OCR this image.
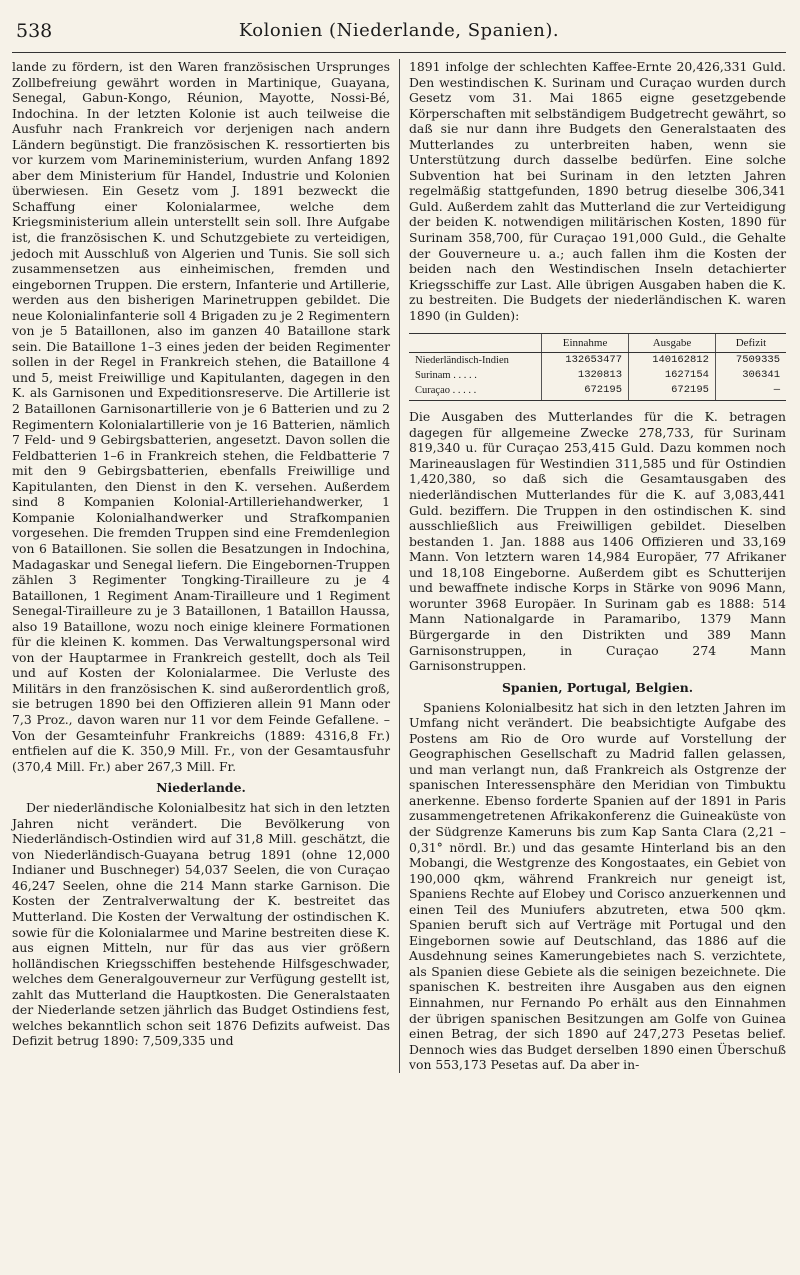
538	Kolonien (Niederlande, Spanien).

lande zu fördern, ist den Waren französischen Ursprunges Zollbefreiung gewährt worden in Martinique, Guayana, Senegal, Gabun-Kongo, Réunion, Mayotte, Nossi-Bé, Indochina. In der letzten Kolonie ist auch teilweise die Ausfuhr nach Frankreich vor derjenigen nach andern Ländern begünstigt. Die französischen K. ressortierten bis vor kurzem vom Marineministerium, wurden Anfang 1892 aber dem Ministerium für Handel, Industrie und Kolonien überwiesen. Ein Gesetz vom J. 1891 bezweckt die Schaffung einer Kolonialarmee, welche dem Kriegsministerium allein unterstellt sein soll. Ihre Aufgabe ist, die französischen K. und Schutzgebiete zu verteidigen, jedoch mit Ausschluß von Algerien und Tunis. Sie soll sich zusammensetzen aus einheimischen, fremden und eingebornen Truppen. Die erstern, Infanterie und Artillerie, werden aus den bisherigen Marinetruppen gebildet. Die neue Kolonialinfanterie soll 4 Brigaden zu je 2 Regimentern von je 5 Bataillonen, also im ganzen 40 Bataillone stark sein. Die Bataillone 1–3 eines jeden der beiden Regimenter sollen in der Regel in Frankreich stehen, die Bataillone 4 und 5, meist Freiwillige und Kapitulanten, dagegen in den K. als Garnisonen und Expeditionsreserve. Die Artillerie ist 2 Bataillonen Garnisonartillerie von je 6 Batterien und zu 2 Regimentern Kolonialartillerie von je 16 Batterien, nämlich 7 Feld- und 9 Gebirgsbatterien, angesetzt. Davon sollen die Feldbatterien 1–6 in Frankreich stehen, die Feldbatterie 7 mit den 9 Gebirgsbatterien, ebenfalls Freiwillige und Kapitulanten, den Dienst in den K. versehen. Außerdem sind 8 Kompanien Kolonial-Artilleriehandwerker, 1 Kompanie Kolonialhandwerker und Strafkompanien vorgesehen. Die fremden Truppen sind eine Fremdenlegion von 6 Bataillonen. Sie sollen die Besatzungen in Indochina, Madagaskar und Senegal liefern. Die Eingebornen-Truppen zählen 3 Regimenter Tongking-Tirailleure zu je 4 Bataillonen, 1 Regiment Anam-Tirailleure und 1 Regiment Senegal-Tirailleure zu je 3 Bataillonen, 1 Bataillon Haussa, also 19 Bataillone, wozu noch einige kleinere Formationen für die kleinen K. kommen. Das Verwaltungspersonal wird von der Hauptarmee in Frankreich gestellt, doch als Teil und auf Kosten der Kolonialarmee. Die Verluste des Militärs in den französischen K. sind außerordentlich groß, sie betrugen 1890 bei den Offizieren allein 91 Mann oder 7,3 Proz., davon waren nur 11 vor dem Feinde Gefallene. – Von der Gesamteinfuhr Frankreichs (1889: 4316,8 Fr.) entfielen auf die K. 350,9 Mill. Fr., von der Gesamtausfuhr (370,4 Mill. Fr.) aber 267,3 Mill. Fr.

Niederlande.

Der niederländische Kolonialbesitz hat sich in den letzten Jahren nicht verändert. Die Bevölkerung von Niederländisch-Ostindien wird auf 31,8 Mill. geschätzt, die von Niederländisch-Guayana betrug 1891 (ohne 12,000 Indianer und Buschneger) 54,037 Seelen, die von Curaçao 46,247 Seelen, ohne die 214 Mann starke Garnison. Die Kosten der Zentralverwaltung der K. bestreitet das Mutterland. Die Kosten der Verwaltung der ostindischen K. sowie für die Kolonialarmee und Marine bestreiten diese K. aus eignen Mitteln, nur für das aus vier größern holländischen Kriegsschiffen bestehende Hilfsgeschwader, welches dem Generalgouverneur zur Verfügung gestellt ist, zahlt das Mutterland die Hauptkosten. Die Generalstaaten der Niederlande setzen jährlich das Budget Ostindiens fest, welches bekanntlich schon seit 1876 Defizits aufweist. Das Defizit betrug 1890: 7,509,335 und

1891 infolge der schlechten Kaffee-Ernte 20,426,331 Guld. Den westindischen K. Surinam und Curaçao wurden durch Gesetz vom 31. Mai 1865 eigne gesetzgebende Körperschaften mit selbständigem Budgetrecht gewährt, so daß sie nur dann ihre Budgets den Generalstaaten des Mutterlandes zu unterbreiten haben, wenn sie Unterstützung durch dasselbe bedürfen. Eine solche Subvention hat bei Surinam in den letzten Jahren regelmäßig stattgefunden, 1890 betrug dieselbe 306,341 Guld. Außerdem zahlt das Mutterland die zur Verteidigung der beiden K. notwendigen militärischen Kosten, 1890 für Surinam 358,700, für Curaçao 191,000 Guld., die Gehalte der Gouverneure u. a.; auch fallen ihm die Kosten der beiden nach den Westindischen Inseln detachierter Kriegsschiffe zur Last. Alle übrigen Ausgaben haben die K. zu bestreiten. Die Budgets der niederländischen K. waren 1890 (in Gulden):

	Einnahme	Ausgabe	Defizit
Niederländisch-Indien	132653477	140162812	7509335
Surinam . . . . .	1320813	1627154	306341
Curaçao . . . . .	672195	672195	—

Die Ausgaben des Mutterlandes für die K. betragen dagegen für allgemeine Zwecke 278,733, für Surinam 819,340 u. für Curaçao 253,415 Guld. Dazu kommen noch Marineauslagen für Westindien 311,585 und für Ostindien 1,420,380, so daß sich die Gesamtausgaben des niederländischen Mutterlandes für die K. auf 3,083,441 Guld. beziffern. Die Truppen in den ostindischen K. sind ausschließlich aus Freiwilligen gebildet. Dieselben bestanden 1. Jan. 1888 aus 1406 Offizieren und 33,169 Mann. Von letztern waren 14,984 Europäer, 77 Afrikaner und 18,108 Eingeborne. Außerdem gibt es Schutterijen und bewaffnete indische Korps in Stärke von 9096 Mann, worunter 3968 Europäer. In Surinam gab es 1888: 514 Mann Nationalgarde in Paramaribo, 1379 Mann Bürgergarde in den Distrikten und 389 Mann Garnisonstruppen, in Curaçao 274 Mann Garnisonstruppen.

Spanien, Portugal, Belgien.

Spaniens Kolonialbesitz hat sich in den letzten Jahren im Umfang nicht verändert. Die beabsichtigte Aufgabe des Postens am Rio de Oro wurde auf Vorstellung der Geographischen Gesellschaft zu Madrid fallen gelassen, und man verlangt nun, daß Frankreich als Ostgrenze der spanischen Interessensphäre den Meridian von Timbuktu anerkenne. Ebenso forderte Spanien auf der 1891 in Paris zusammengetretenen Afrikakonferenz die Guineaküste von der Südgrenze Kameruns bis zum Kap Santa Clara (2,21 – 0,31° nördl. Br.) und das gesamte Hinterland bis an den Mobangi, die Westgrenze des Kongostaates, ein Gebiet von 190,000 qkm, während Frankreich nur geneigt ist, Spaniens Rechte auf Elobey und Corisco anzuerkennen und einen Teil des Muniufers abzutreten, etwa 500 qkm. Spanien beruft sich auf Verträge mit Portugal und den Eingebornen sowie auf Deutschland, das 1886 auf die Ausdehnung seines Kamerungebietes nach S. verzichtete, als Spanien diese Gebiete als die seinigen bezeichnete. Die spanischen K. bestreiten ihre Ausgaben aus den eignen Einnahmen, nur Fernando Po erhält aus den Einnahmen der übrigen spanischen Besitzungen am Golfe von Guinea einen Betrag, der sich 1890 auf 247,273 Pesetas belief. Dennoch wies das Budget derselben 1890 einen Überschuß von 553,173 Pesetas auf. Da aber in-
